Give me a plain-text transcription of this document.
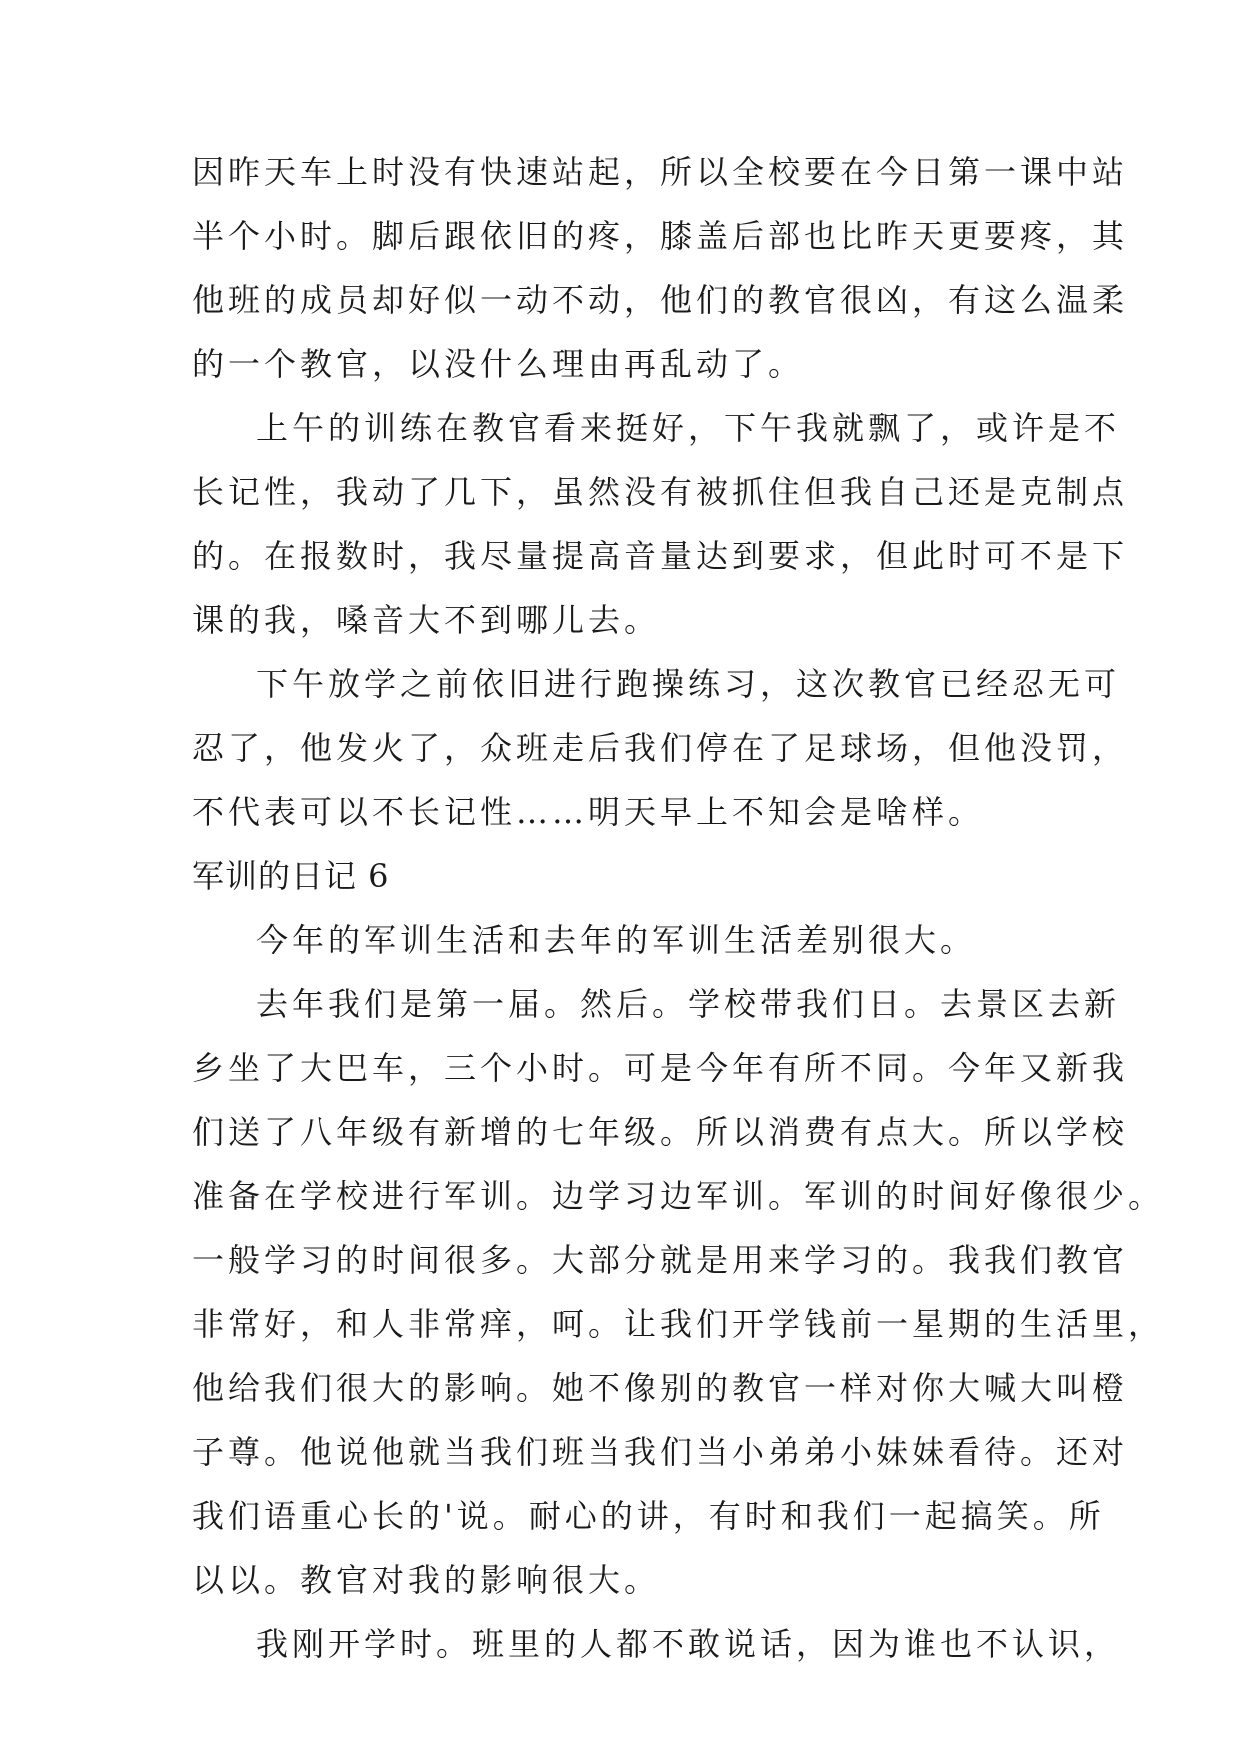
因昨天车上时没有快速站起，所以全校要在今日第一课中站
半个小时。脚后跟依旧的疼，膝盖后部也比昨天更要疼，其
他班的成员却好似一动不动，他们的教官很凶，有这么温柔
的一个教官，以没什么理由再乱动了。
上午的训练在教官看来挺好，下午我就飘了，或许是不
长记性，我动了几下，虽然没有被抓住但我自己还是克制点
的。在报数时，我尽量提高音量达到要求，但此时可不是下
课的我，嗓音大不到哪儿去。
下午放学之前依旧进行跑操练习，这次教官已经忍无可
忍了，他发火了，众班走后我们停在了足球场，但他没罚，
不代表可以不长记性……明天早上不知会是啥样。
军训的日记 6
今年的军训生活和去年的军训生活差别很大。
去年我们是第一届。然后。学校带我们日。去景区去新
乡坐了大巴车，三个小时。可是今年有所不同。今年又新我
们送了八年级有新增的七年级。所以消费有点大。所以学校
准备在学校进行军训。边学习边军训。军训的时间好像很少。
一般学习的时间很多。大部分就是用来学习的。我我们教官
非常好，和人非常痒，呵。让我们开学钱前一星期的生活里，
他给我们很大的影响。她不像别的教官一样对你大喊大叫橙
子尊。他说他就当我们班当我们当小弟弟小妹妹看待。还对
我们语重心长的'说。耐心的讲，有时和我们一起搞笑。所
以以。教官对我的影响很大。
我刚开学时。班里的人都不敢说话，因为谁也不认识，
